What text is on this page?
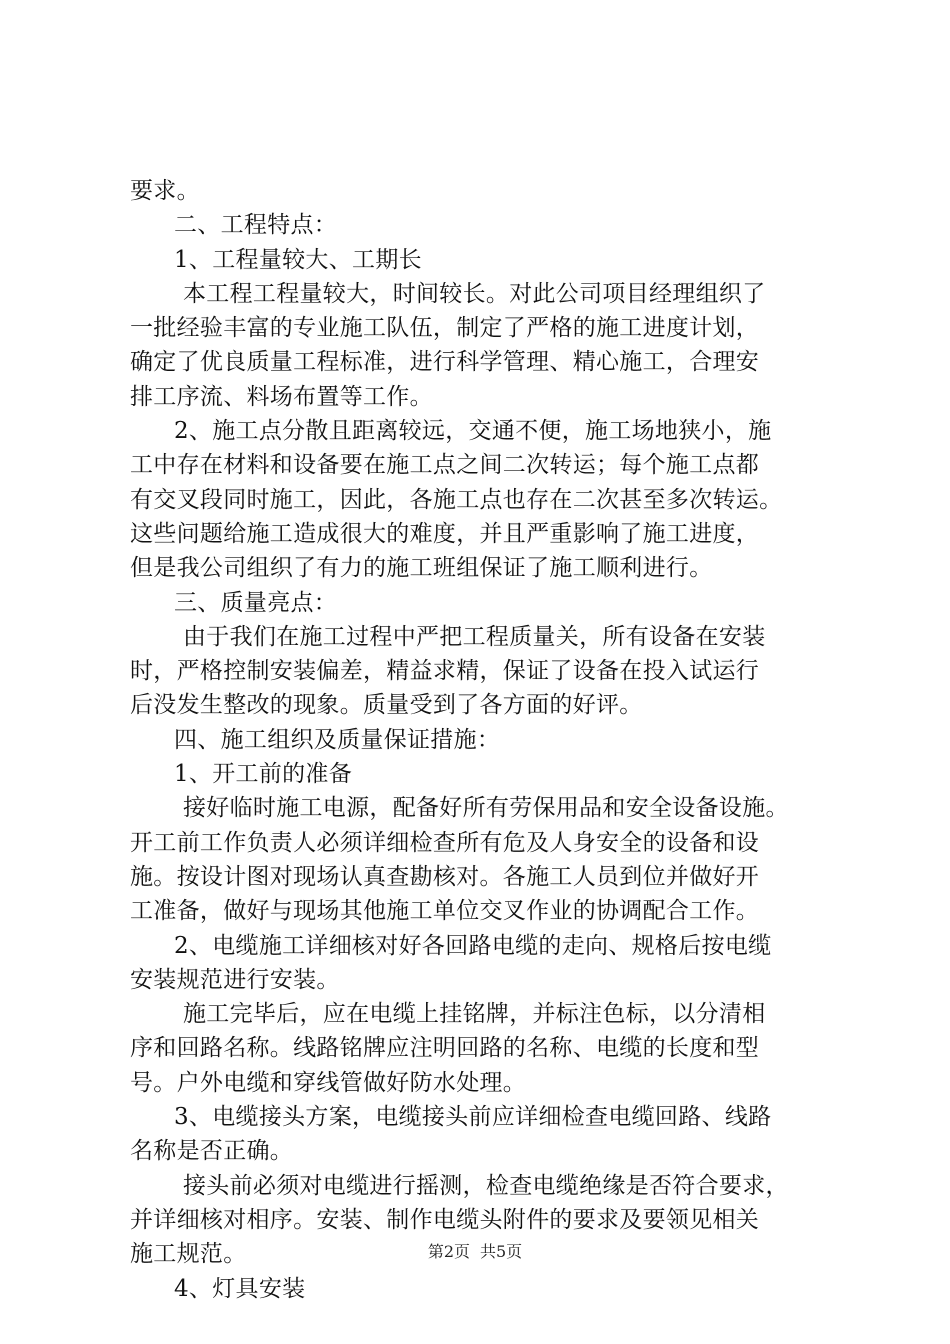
要求。
二、工程特点：
1、工程量较大、工期长
本工程工程量较大，时间较长。对此公司项目经理组织了
一批经验丰富的专业施工队伍，制定了严格的施工进度计划，
确定了优良质量工程标准，进行科学管理、精心施工，合理安
排工序流、料场布置等工作。
2、施工点分散且距离较远，交通不便，施工场地狭小，施
工中存在材料和设备要在施工点之间二次转运；每个施工点都
有交叉段同时施工，因此，各施工点也存在二次甚至多次转运。
这些问题给施工造成很大的难度，并且严重影响了施工进度，
但是我公司组织了有力的施工班组保证了施工顺利进行。
三、质量亮点：
由于我们在施工过程中严把工程质量关，所有设备在安装
时，严格控制安装偏差，精益求精，保证了设备在投入试运行
后没发生整改的现象。质量受到了各方面的好评。
四、施工组织及质量保证措施：
1、开工前的准备
接好临时施工电源，配备好所有劳保用品和安全设备设施。
开工前工作负责人必须详细检查所有危及人身安全的设备和设
施。按设计图对现场认真查勘核对。各施工人员到位并做好开
工准备，做好与现场其他施工单位交叉作业的协调配合工作。
2、电缆施工详细核对好各回路电缆的走向、规格后按电缆
安装规范进行安装。
施工完毕后，应在电缆上挂铭牌，并标注色标，以分清相
序和回路名称。线路铭牌应注明回路的名称、电缆的长度和型
号。户外电缆和穿线管做好防水处理。
3、电缆接头方案，电缆接头前应详细检查电缆回路、线路
名称是否正确。
接头前必须对电缆进行摇测，检查电缆绝缘是否符合要求，
并详细核对相序。安装、制作电缆头附件的要求及要领见相关
施工规范。
4、灯具安装
第2页 共5页
